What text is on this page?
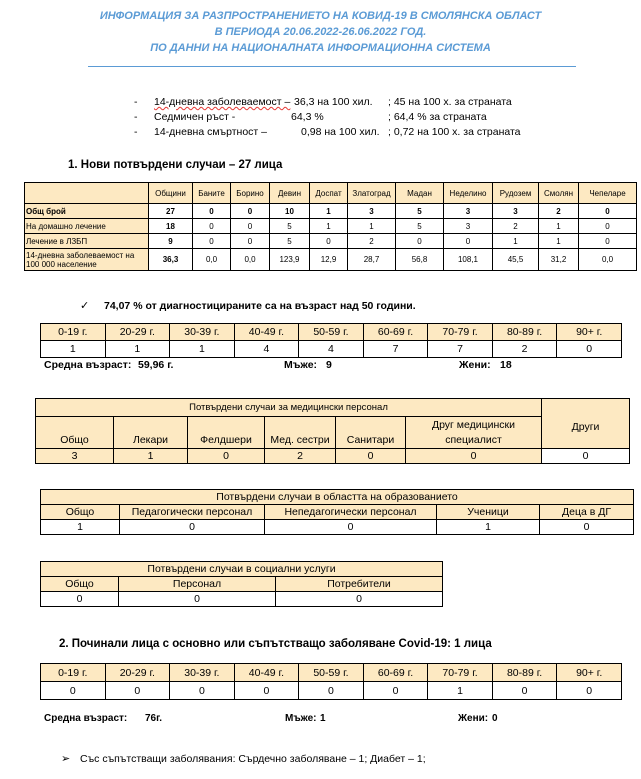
ИНФОРМАЦИЯ ЗА РАЗПРОСТРАНЕНИЕТО НА КОВИД-19 В СМОЛЯНСКА ОБЛАСТ
В ПЕРИОДА 20.06.2022-26.06.2022 ГОД.
ПО ДАННИ НА НАЦИОНАЛНАТА ИНФОРМАЦИОННА СИСТЕМА
- 14-дневна заболеваемост – 36,3 на 100 хил. ; 45 на 100 х. за страната
- Седмичен ръст -	64,3 %	; 64,4 % за страната
- 14-дневна смъртност –	0,98 на 100 хил. ; 0,72 на 100 х. за страната
1. Нови потвърдени случаи – 27 лица
	Общини	Баните	Борино	Девин	Доспат	Златоград	Мадан	Неделино	Рудозем	Смолян	Чепеларе
Общ брой	27	0	0	10	1	3	5	3	3	2	0
На домашно лечение	18	0	0	5	1	1	5	3	2	1	0
Лечение в ЛЗБП	9	0	0	5	0	2	0	0	1	1	0
14-дневна заболеваемост на 100 000 население	36,3	0,0	0,0	123,9	12,9	28,7	56,8	108,1	45,5	31,2	0,0
✓ 74,07 % от диагностицираните са на възраст над 50 години.
0-19 г.	20-29 г.	30-39 г.	40-49 г.	50-59 г.	60-69 г.	70-79 г.	80-89 г.	90+ г.
1	1	1	4	4	7	7	2	0
Средна възраст: 59,96 г.	Мъже: 9	Жени: 18
Потвърдени случаи за медицински персонал						Други
Общо	Лекари	Фелдшери	Мед. сестри	Санитари	Друг медицински специалист	
3	1	0	2	0	0	0
Потвърдени случаи в областта на образованието				
Общо	Педагогически персонал	Непедагогически персонал	Ученици	Деца в ДГ
1	0	0	1	0
Потвърдени случаи в социални услуги		
Общо	Персонал	Потребители
0	0	0
2. Починали лица с основно или съпътстващо заболяване Covid-19: 1 лица
0-19 г.	20-29 г.	30-39 г.	40-49 г.	50-59 г.	60-69 г.	70-79 г.	80-89 г.	90+ г.
0	0	0	0	0	0	1	0	0
Средна възраст: 76г.	Мъже: 1	Жени: 0
➢ Със съпътстващи заболявания: Сърдечно заболяване – 1; Диабет – 1;
